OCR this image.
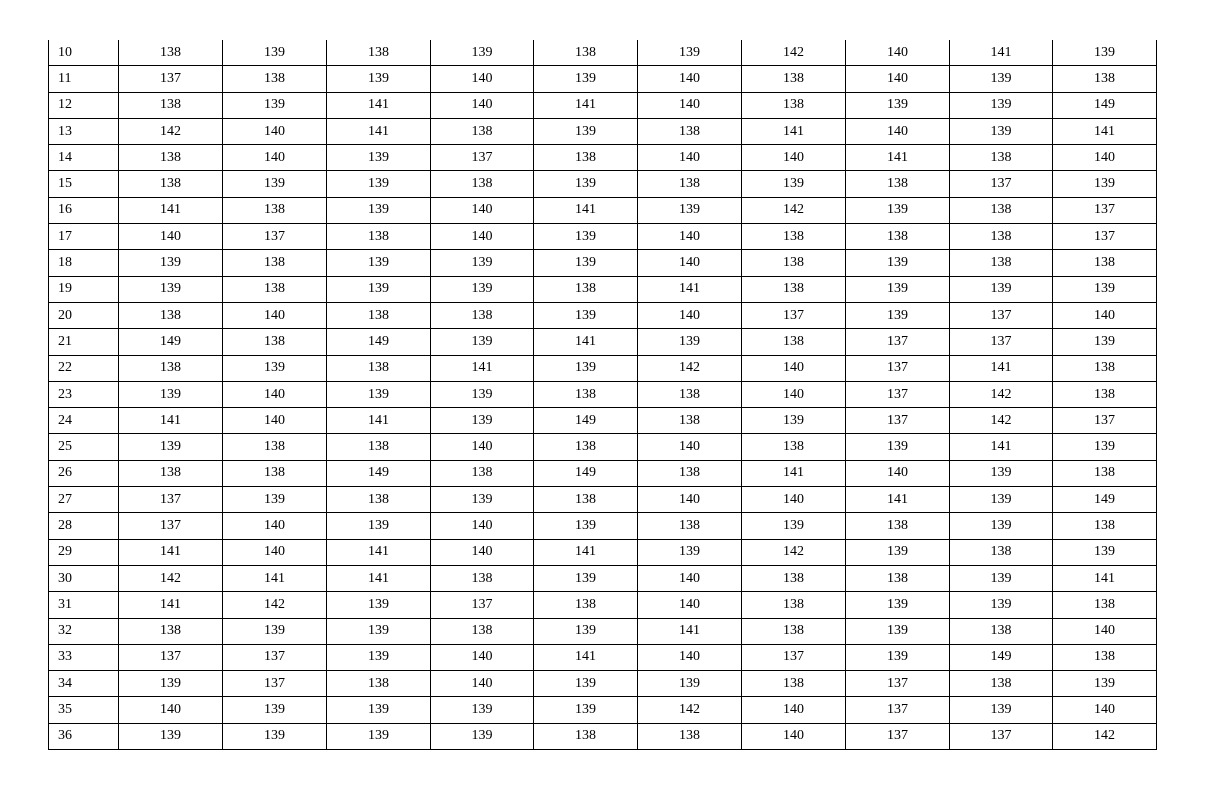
10	138	139	138	139	138	139	142	140	141	139
11	137	138	139	140	139	140	138	140	139	138
12	138	139	141	140	141	140	138	139	139	149
13	142	140	141	138	139	138	141	140	139	141
14	138	140	139	137	138	140	140	141	138	140
15	138	139	139	138	139	138	139	138	137	139
16	141	138	139	140	141	139	142	139	138	137
17	140	137	138	140	139	140	138	138	138	137
18	139	138	139	139	139	140	138	139	138	138
19	139	138	139	139	138	141	138	139	139	139
20	138	140	138	138	139	140	137	139	137	140
21	149	138	149	139	141	139	138	137	137	139
22	138	139	138	141	139	142	140	137	141	138
23	139	140	139	139	138	138	140	137	142	138
24	141	140	141	139	149	138	139	137	142	137
25	139	138	138	140	138	140	138	139	141	139
26	138	138	149	138	149	138	141	140	139	138
27	137	139	138	139	138	140	140	141	139	149
28	137	140	139	140	139	138	139	138	139	138
29	141	140	141	140	141	139	142	139	138	139
30	142	141	141	138	139	140	138	138	139	141
31	141	142	139	137	138	140	138	139	139	138
32	138	139	139	138	139	141	138	139	138	140
33	137	137	139	140	141	140	137	139	149	138
34	139	137	138	140	139	139	138	137	138	139
35	140	139	139	139	139	142	140	137	139	140
36	139	139	139	139	138	138	140	137	137	142
